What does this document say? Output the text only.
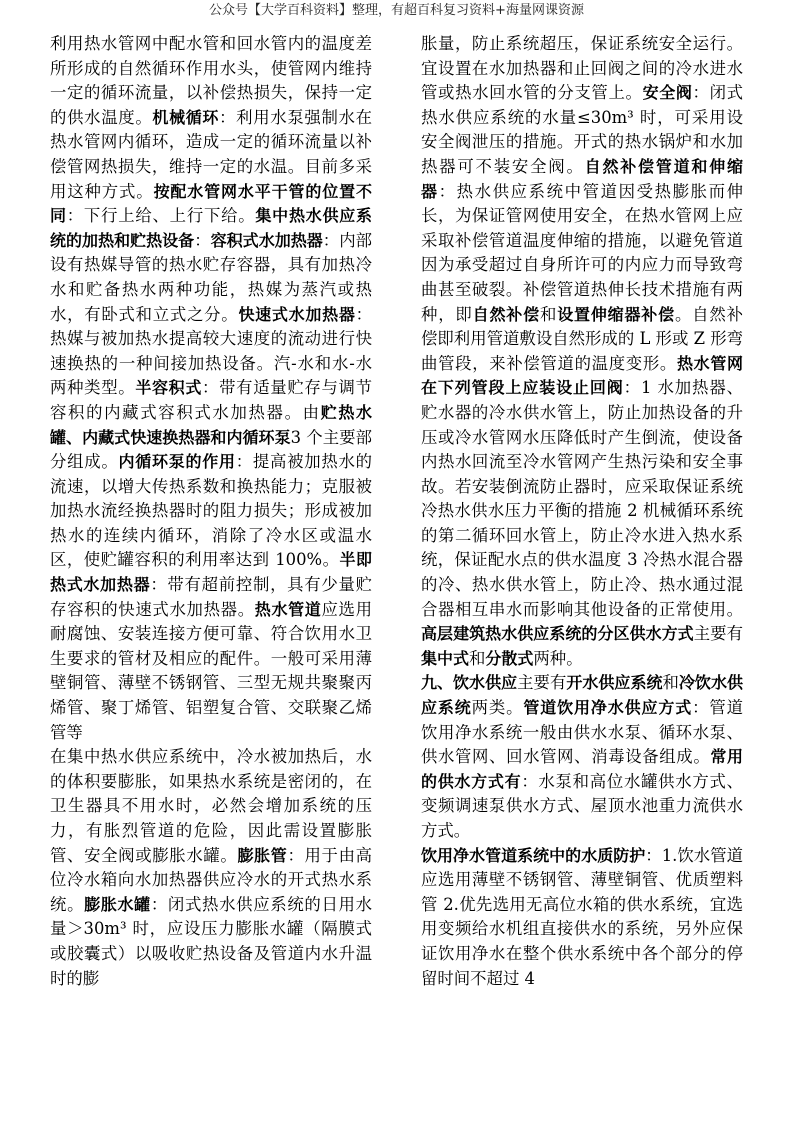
公众号【大学百科资料】整理，有超百科复习资料+海量网课资源

利用热水管网中配水管和回水管内的温度差所形成的自然循环作用水头，使管网内维持一定的循环流量，以补偿热损失，保持一定的供水温度。机械循环：利用水泵强制水在热水管网内循环，造成一定的循环流量以补偿管网热损失，维持一定的水温。目前多采用这种方式。按配水管网水平干管的位置不同：下行上给、上行下给。集中热水供应系统的加热和贮热设备：容积式水加热器：内部设有热媒导管的热水贮存容器，具有加热冷水和贮备热水两种功能，热媒为蒸汽或热水，有卧式和立式之分。快速式水加热器：热媒与被加热水提高较大速度的流动进行快速换热的一种间接加热设备。汽-水和水-水两种类型。半容积式：带有适量贮存与调节容积的内藏式容积式水加热器。由贮热水罐、内藏式快速换热器和内循环泵3 个主要部分组成。内循环泵的作用：提高被加热水的流速，以增大传热系数和换热能力；克服被加热水流经换热器时的阻力损失；形成被加热水的连续内循环，消除了冷水区或温水区，使贮罐容积的利用率达到 100%。半即热式水加热器：带有超前控制，具有少量贮存容积的快速式水加热器。热水管道应选用耐腐蚀、安装连接方便可靠、符合饮用水卫生要求的管材及相应的配件。一般可采用薄壁铜管、薄壁不锈钢管、三型无规共聚聚丙烯管、聚丁烯管、铝塑复合管、交联聚乙烯管等

在集中热水供应系统中，冷水被加热后，水的体积要膨胀，如果热水系统是密闭的，在卫生器具不用水时，必然会增加系统的压力，有胀烈管道的危险，因此需设置膨胀管、安全阀或膨胀水罐。膨胀管：用于由高位冷水箱向水加热器供应冷水的开式热水系统。膨胀水罐：闭式热水供应系统的日用水量＞30m³ 时，应设压力膨胀水罐（隔膜式或胶囊式）以吸收贮热设备及管道内水升温时的膨

胀量，防止系统超压，保证系统安全运行。宜设置在水加热器和止回阀之间的冷水进水管或热水回水管的分支管上。安全阀：闭式热水供应系统的水量≤30m³ 时，可采用设安全阀泄压的措施。开式的热水锅炉和水加热器可不装安全阀。自然补偿管道和伸缩器：热水供应系统中管道因受热膨胀而伸长，为保证管网使用安全，在热水管网上应采取补偿管道温度伸缩的措施，以避免管道因为承受超过自身所许可的内应力而导致弯曲甚至破裂。补偿管道热伸长技术措施有两种，即自然补偿和设置伸缩器补偿。自然补偿即利用管道敷设自然形成的 L 形或 Z 形弯曲管段，来补偿管道的温度变形。热水管网在下列管段上应装设止回阀：1 水加热器、贮水器的冷水供水管上，防止加热设备的升压或冷水管网水压降低时产生倒流，使设备内热水回流至冷水管网产生热污染和安全事故。若安装倒流防止器时，应采取保证系统冷热水供水压力平衡的措施 2 机械循环系统的第二循环回水管上，防止冷水进入热水系统，保证配水点的供水温度 3 冷热水混合器的冷、热水供水管上，防止冷、热水通过混合器相互串水而影响其他设备的正常使用。高层建筑热水供应系统的分区供水方式主要有集中式和分散式两种。

九、饮水供应主要有开水供应系统和冷饮水供应系统两类。管道饮用净水供应方式：管道饮用净水系统一般由供水水泵、循环水泵、供水管网、回水管网、消毒设备组成。常用的供水方式有：水泵和高位水罐供水方式、变频调速泵供水方式、屋顶水池重力流供水方式。

饮用净水管道系统中的水质防护：1.饮水管道应选用薄壁不锈钢管、薄壁铜管、优质塑料管 2.优先选用无高位水箱的供水系统，宜选用变频给水机组直接供水的系统，另外应保证饮用净水在整个供水系统中各个部分的停留时间不超过 4
